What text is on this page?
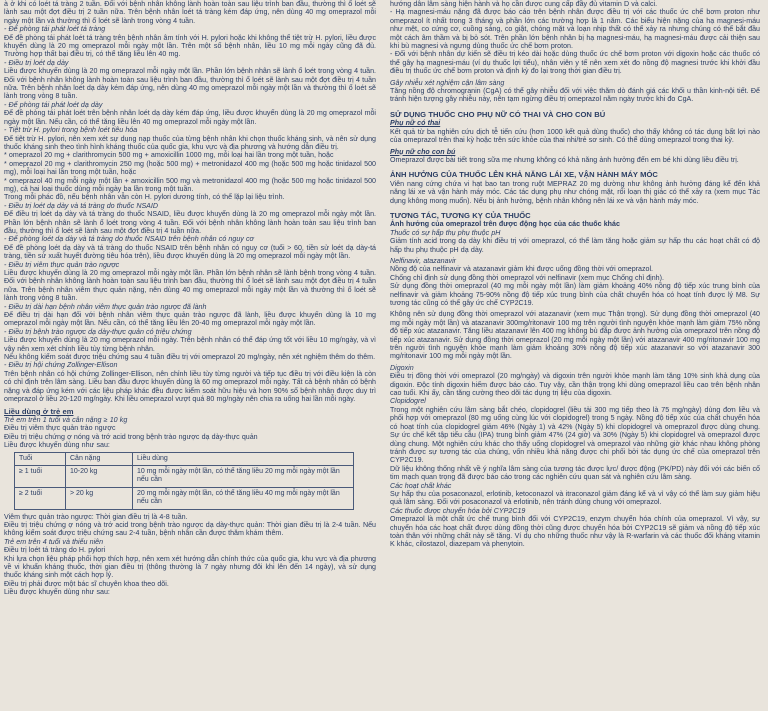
à ở khi có loét tá tràng 2 tuần. Đối với bệnh nhân không lành hoàn toàn sau liệu trình ban đầu, thường thì ổ loét sẽ lành sau một đợt điều trị 2 tuần nữa. Trên bệnh nhân loét tá tràng kém đáp ứng, nên dùng 40 mg omeprazol mỗi ngày một lần và thường thì ổ loét sẽ lành trong vòng 4 tuần.

- Để phòng tái phát loét tá tràng

Để đề phòng tái phát loét tá tràng trên bệnh nhân âm tính với H. pylori hoặc khi không thể tiệt trừ H. pylori, liều được khuyến dùng là 20 mg omeprazol mỗi ngày một lần. Trên một số bệnh nhân, liều 10 mg mỗi ngày cũng đã đủ. Trường hợp thất bại điều trị, có thể tăng liều lên 40 mg.

- Điều trị loét dạ dày

Liều được khuyến dùng là 20 mg omeprazol mỗi ngày một lần. Phần lớn bệnh nhân sẽ lành ổ loét trong vòng 4 tuần. Đối với bệnh nhân không lành hoàn toàn sau liệu trình ban đầu, thường thì ổ loét sẽ lành sau một đợt điều trị 4 tuần nữa. Trên bệnh nhân loét dạ dày kém đáp ứng, nên dùng 40 mg omeprazol mỗi ngày một lần và thường thì ổ loét sẽ lành trong vòng 8 tuần.

- Để phòng tái phát loét dạ dày

Để đề phòng tái phát loét trên bệnh nhân loét dạ dày kém đáp ứng, liều được khuyến dùng là 20 mg omeprazol mỗi ngày một lần. Nếu cần, có thể tăng liều lên 40 mg omeprazol mỗi ngày một lần.

- Tiệt trừ H. pylori trong bệnh loét tiêu hóa

Để tiệt trừ H. pylori, nên xem xét sự dung nạp thuốc của từng bệnh nhân khi chọn thuốc kháng sinh, và nên sử dụng thuốc kháng sinh theo tình hình kháng thuốc của quốc gia, khu vực và địa phương và hướng dẫn điều trị.

* omeprazol 20 mg + clarithromycin 500 mg + amoxicillin 1000 mg, mỗi loại hai lần trong một tuần, hoặc

* omeprazol 20 mg + clarithromycin 250 mg (hoặc 500 mg) + metronidazol 400 mg (hoặc 500 mg hoặc tinidazol 500 mg), mỗi loại hai lần trong một tuần, hoặc

* omeprazol 40 mg mỗi ngày một lần + amoxicillin 500 mg và metronidazol 400 mg (hoặc 500 mg hoặc tinidazol 500 mg), cả hai loại thuốc dùng mỗi ngày ba lần trong một tuần.

Trong mỗi phác đồ, nếu bệnh nhân vẫn còn H. pylori dương tính, có thể lặp lại liệu trình.

- Điều trị loét dạ dày và tá tràng do thuốc NSAID

Để điều trị loét dạ dày và tá tràng do thuốc NSAID, liều được khuyến dùng là 20 mg omeprazol mỗi ngày một lần. Phần lớn bệnh nhân sẽ lành ổ loét trong vòng 4 tuần. Đối với bệnh nhân không lành hoàn toàn sau liệu trình ban đầu, thường thì ổ loét sẽ lành sau một đợt điều trị 4 tuần nữa.

- Để phòng loét dạ dày và tá tràng do thuốc NSAID trên bệnh nhân có nguy cơ

Để đề phòng loét dạ dày và tá tràng do thuốc NSAID trên bệnh nhân có nguy cơ (tuổi > 60, tiền sử loét dạ dày-tá tràng, tiền sử xuất huyết đường tiêu hóa trên), liều được khuyến dùng là 20 mg omeprazol mỗi ngày một lần.

- Điều trị viêm thực quản trào ngược

Liều được khuyến dùng là 20 mg omeprazol mỗi ngày một lần. Phần lớn bệnh nhân sẽ lành bệnh trong vòng 4 tuần. Đối với bệnh nhân không lành hoàn toàn sau liệu trình ban đầu, thường thì ổ loét sẽ lành sau một đợt điều trị 4 tuần nữa. Trên bệnh nhân viêm thực quản nặng, nên dùng 40 mg omeprazol mỗi ngày một lần và thường thì ổ loét sẽ lành trong vòng 8 tuần.

- Điều trị dài hạn bệnh nhân viêm thực quản trào ngược đã lành

Để điều trị dài hạn đối với bệnh nhân viêm thực quản trào ngược đã lành, liều được khuyến dùng là 10 mg omeprazol mỗi ngày một lần. Nếu cần, có thể tăng liều lên 20-40 mg omeprazol mỗi ngày một lần.

- Điều trị bệnh trào ngược dạ dày-thực quản có triệu chứng

Liều được khuyến dùng là 20 mg omeprazol mỗi ngày. Trên bệnh nhân có thể đáp ứng tốt với liều 10 mg/ngày, và vì vậy nên xem xét chỉnh liều tùy từng bệnh nhân.

Nếu không kiểm soát được triệu chứng sau 4 tuần điều trị với omeprazol 20 mg/ngày, nên xét nghiệm thêm do thêm.

- Điều trị hội chứng Zollinger-Ellison

Trên bệnh nhân có hội chứng Zollinger-Ellison, nên chỉnh liều tùy từng người và tiếp tục điều trị với điều kiện là còn có chỉ định trên lâm sàng. Liều ban đầu được khuyến dùng là 60 mg omeprazol mỗi ngày. Tất cả bệnh nhân có bệnh nặng và đáp ứng kém với các liệu pháp khác đều được kiểm soát hữu hiệu và hơn 90% số bệnh nhân được duy trì omeprazol ở liều 20-120 mg/ngày. Khi liều omeprazol vượt quá 80 mg/ngày nên chia ra uống hai lần mỗi ngày.

Liều dùng ở trẻ em

Trẻ em trên 1 tuổi và cân nặng ≥ 10 kg

Điều trị viêm thực quản trào ngược

Điều trị triệu chứng ợ nóng và trớ acid trong bệnh trào ngược dạ dày-thực quản

Liều được khuyến dùng như sau:

Tuổi	Cân nặng	Liều dùng
≥ 1 tuổi	10-20 kg	10 mg mỗi ngày một lần, có thể tăng liều 20 mg mỗi ngày một lần nếu cần
≥ 2 tuổi	> 20 kg	20 mg mỗi ngày một lần, có thể tăng liều 40 mg mỗi ngày một lần nếu cần

Viêm thực quản trào ngược: Thời gian điều trị là 4-8 tuần.

Điều trị triệu chứng ợ nóng và trớ acid trong bệnh trào ngược dạ dày-thực quản: Thời gian điều trị là 2-4 tuần. Nếu không kiểm soát được triệu chứng sau 2-4 tuần, bệnh nhân cần được thăm khám thêm.

Trẻ em trên 4 tuổi và thiếu niên

Điều trị loét tá tràng do H. pylori

Khi lựa chọn liệu pháp phối hợp thích hợp, nên xem xét hướng dẫn chính thức của quốc gia, khu vực và địa phương về vi khuẩn kháng thuốc, thời gian điều trị (thông thường là 7 ngày nhưng đôi khi lên đến 14 ngày), và sử dụng thuốc kháng sinh một cách hợp lý.

Điều trị phải được một bác sĩ chuyên khoa theo dõi.

Liều được khuyến dùng như sau:

hướng dẫn lâm sàng hiện hành và họ cần được cung cấp đầy đủ vitamin D và calci.

- Hạ magnesi-máu nặng đã được báo cáo trên bệnh nhân được điều trị với các thuốc ức chế bơm proton như omeprazol ít nhất trong 3 tháng và phần lớn các trường hợp là 1 năm. Các biểu hiện nặng của hạ magnesi-máu như mệt, co cứng cơ, cuồng sảng, co giật, chóng mặt và loạn nhịp thất có thể xảy ra nhưng chúng có thể bắt đầu một cách âm thầm và bị bỏ sót. Trên phần lớn bệnh nhân bị hạ magnesi-máu, hạ magnesi-máu được cải thiện sau khi bù magnesi và ngưng dùng thuốc ức chế bơm proton.

- Đối với bệnh nhân dự kiến sẽ điều trị kéo dài hoặc dùng thuốc ức chế bơm proton với digoxin hoặc các thuốc có thể gây hạ magnesi-máu (ví dụ thuốc lợi tiểu), nhân viên y tế nên xem xét đo nồng độ magnesi trước khi khởi đầu điều trị thuốc ức chế bơm proton và định kỳ đo lại trong thời gian điều trị.

Gây nhiễu xét nghiệm cận lâm sàng

Tăng nồng độ chromogranin (CgA) có thể gây nhiễu đối với việc thăm dò đánh giá các khối u thần kinh-nội tiết. Để tránh hiện tượng gây nhiễu này, nên tạm ngừng điều trị omeprazol năm ngày trước khi đo CgA.

SỬ DỤNG THUỐC CHO PHỤ NỮ CÓ THAI VÀ CHO CON BÚ

Phụ nữ có thai

Kết quả từ ba nghiên cứu dịch tễ tiến cứu (hơn 1000 kết quả dùng thuốc) cho thấy không có tác dụng bất lợi nào của omeprazol trên thai kỳ hoặc trên sức khỏe của thai nhi/trẻ sơ sinh. Có thể dùng omeprazol trong thai kỳ.

Phụ nữ cho con bú

Omeprazol được bài tiết trong sữa mẹ nhưng không có khả năng ảnh hưởng đến em bé khi dùng liều điều trị.

ẢNH HƯỞNG CỦA THUỐC LÊN KHẢ NĂNG LÁI XE, VẬN HÀNH MÁY MÓC

Viên nang cứng chứa vi hạt bao tan trong ruột MEPRAZ 20 mg dường như không ảnh hưởng đáng kể đến khả năng lái xe và vận hành máy móc. Các tác dụng phụ như chóng mặt, rối loạn thị giác có thể xảy ra (xem mục Tác dụng không mong muốn). Nếu bị ảnh hưởng, bệnh nhân không nên lái xe và vận hành máy móc.

TƯƠNG TÁC, TƯƠNG KỴ CỦA THUỐC

Ảnh hưởng của omeprazol trên được động học của các thuốc khác

Thuốc có sự hấp thụ phụ thuộc pH

Giảm tính acid trong dạ dày khi điều trị với omeprazol, có thể làm tăng hoặc giảm sự hấp thu các hoạt chất có độ hấp thu phụ thuộc pH dạ dày.

Nelfinavir, atazanavir

Nồng độ của nelfinavir và atazanavir giảm khi được uống đồng thời với omeprazol.

Chống chỉ định sử dụng đồng thời omeprazol với nelfinavir (xem mục Chống chỉ định).

Sử dụng đồng thời omeprazol (40 mg mỗi ngày một lần) làm giảm khoảng 40% nồng độ tiếp xúc trung bình của nelfinavir và giảm khoảng 75-90% nồng độ tiếp xúc trung bình của chất chuyển hóa có hoạt tính được lý M8. Sự tương tác cũng có thể gây ức chế CYP2C19.

Không nên sử dụng đồng thời omeprazol với atazanavir (xem mục Thận trọng). Sử dụng đồng thời omeprazol (40 mg mỗi ngày một lần) và atazanavir 300mg/ritonavir 100 mg trên người tình nguyện khỏe mạnh làm giảm 75% nồng độ tiếp xúc atazanavir. Tăng liều atazanavir lên 400 mg không bù đắp được ảnh hưởng của omeprazol trên nồng độ tiếp xúc atazanavir. Sử dụng đồng thời omeprazol (20 mg mỗi ngày một lần) với atazanavir 400 mg/ritonavir 100 mg trên người tình nguyện khỏe mạnh làm giảm khoảng 30% nồng độ tiếp xúc atazanavir so với atazanavir 300 mg/ritonavir 100 mg mỗi ngày một lần.

Digoxin

Điều trị đồng thời với omeprazol (20 mg/ngày) và digoxin trên người khỏe mạnh làm tăng 10% sinh khả dụng của digoxin. Độc tính digoxin hiếm được báo cáo. Tuy vậy, cần thận trọng khi dùng omeprazol liều cao trên bệnh nhân cao tuổi. Khi ấy, cần tăng cường theo dõi tác dụng trị liệu của digoxin.

Clopidogrel

Trong một nghiên cứu lâm sàng bắt chéo, clopidogrel (liều tải 300 mg tiếp theo là 75 mg/ngày) dùng đơn liều và phối hợp với omeprazol (80 mg uống cùng lúc với clopidogrel) trong 5 ngày. Nồng độ tiếp xúc của chất chuyển hóa có hoạt tính của clopidogrel giảm 46% (Ngày 1) và 42% (Ngày 5) khi clopidogrel và omeprazol được dùng chung. Sự ức chế kết tập tiểu cầu (IPA) trung bình giảm 47% (24 giờ) và 30% (Ngày 5) khi clopidogrel và omeprazol được dùng chung. Một nghiên cứu khác cho thấy uống clopidogrel và omeprazol vào những giờ khác nhau không phòng tránh được sự tương tác của chúng, vốn nhiều khả năng được chi phối bởi tác dụng ức chế của omeprazol trên CYP2C19.

Dữ liệu không thống nhất về ý nghĩa lâm sàng của tương tác được lực/ được động (PK/PD) này đối với các biến cố tim mạch quan trọng đã được báo cáo trong các nghiên cứu quan sát và nghiên cứu lâm sàng.

Các hoạt chất khác

Sự hấp thu của posaconazol, erlotinib, ketoconazol và itraconazol giảm đáng kể và vì vậy có thể làm suy giảm hiệu quả lâm sàng. Đối với posaconazol và erlotinib, nên tránh dùng chung với omeprazol.

Các thuốc được chuyển hóa bởi CYP2C19

Omeprazol là một chất ức chế trung bình đối với CYP2C19, enzym chuyển hóa chính của omeprazol. Vì vậy, sự chuyển hóa các hoạt chất được dùng đồng thời cũng được chuyển hóa bởi CYP2C19 sẽ giảm và nồng độ tiếp xúc toàn thân với những chất này sẽ tăng. Ví dụ cho những thuốc như vậy là R-warfarin và các thuốc đối kháng vitamin K khác, cilostazol, diazepam và phenytoin.
